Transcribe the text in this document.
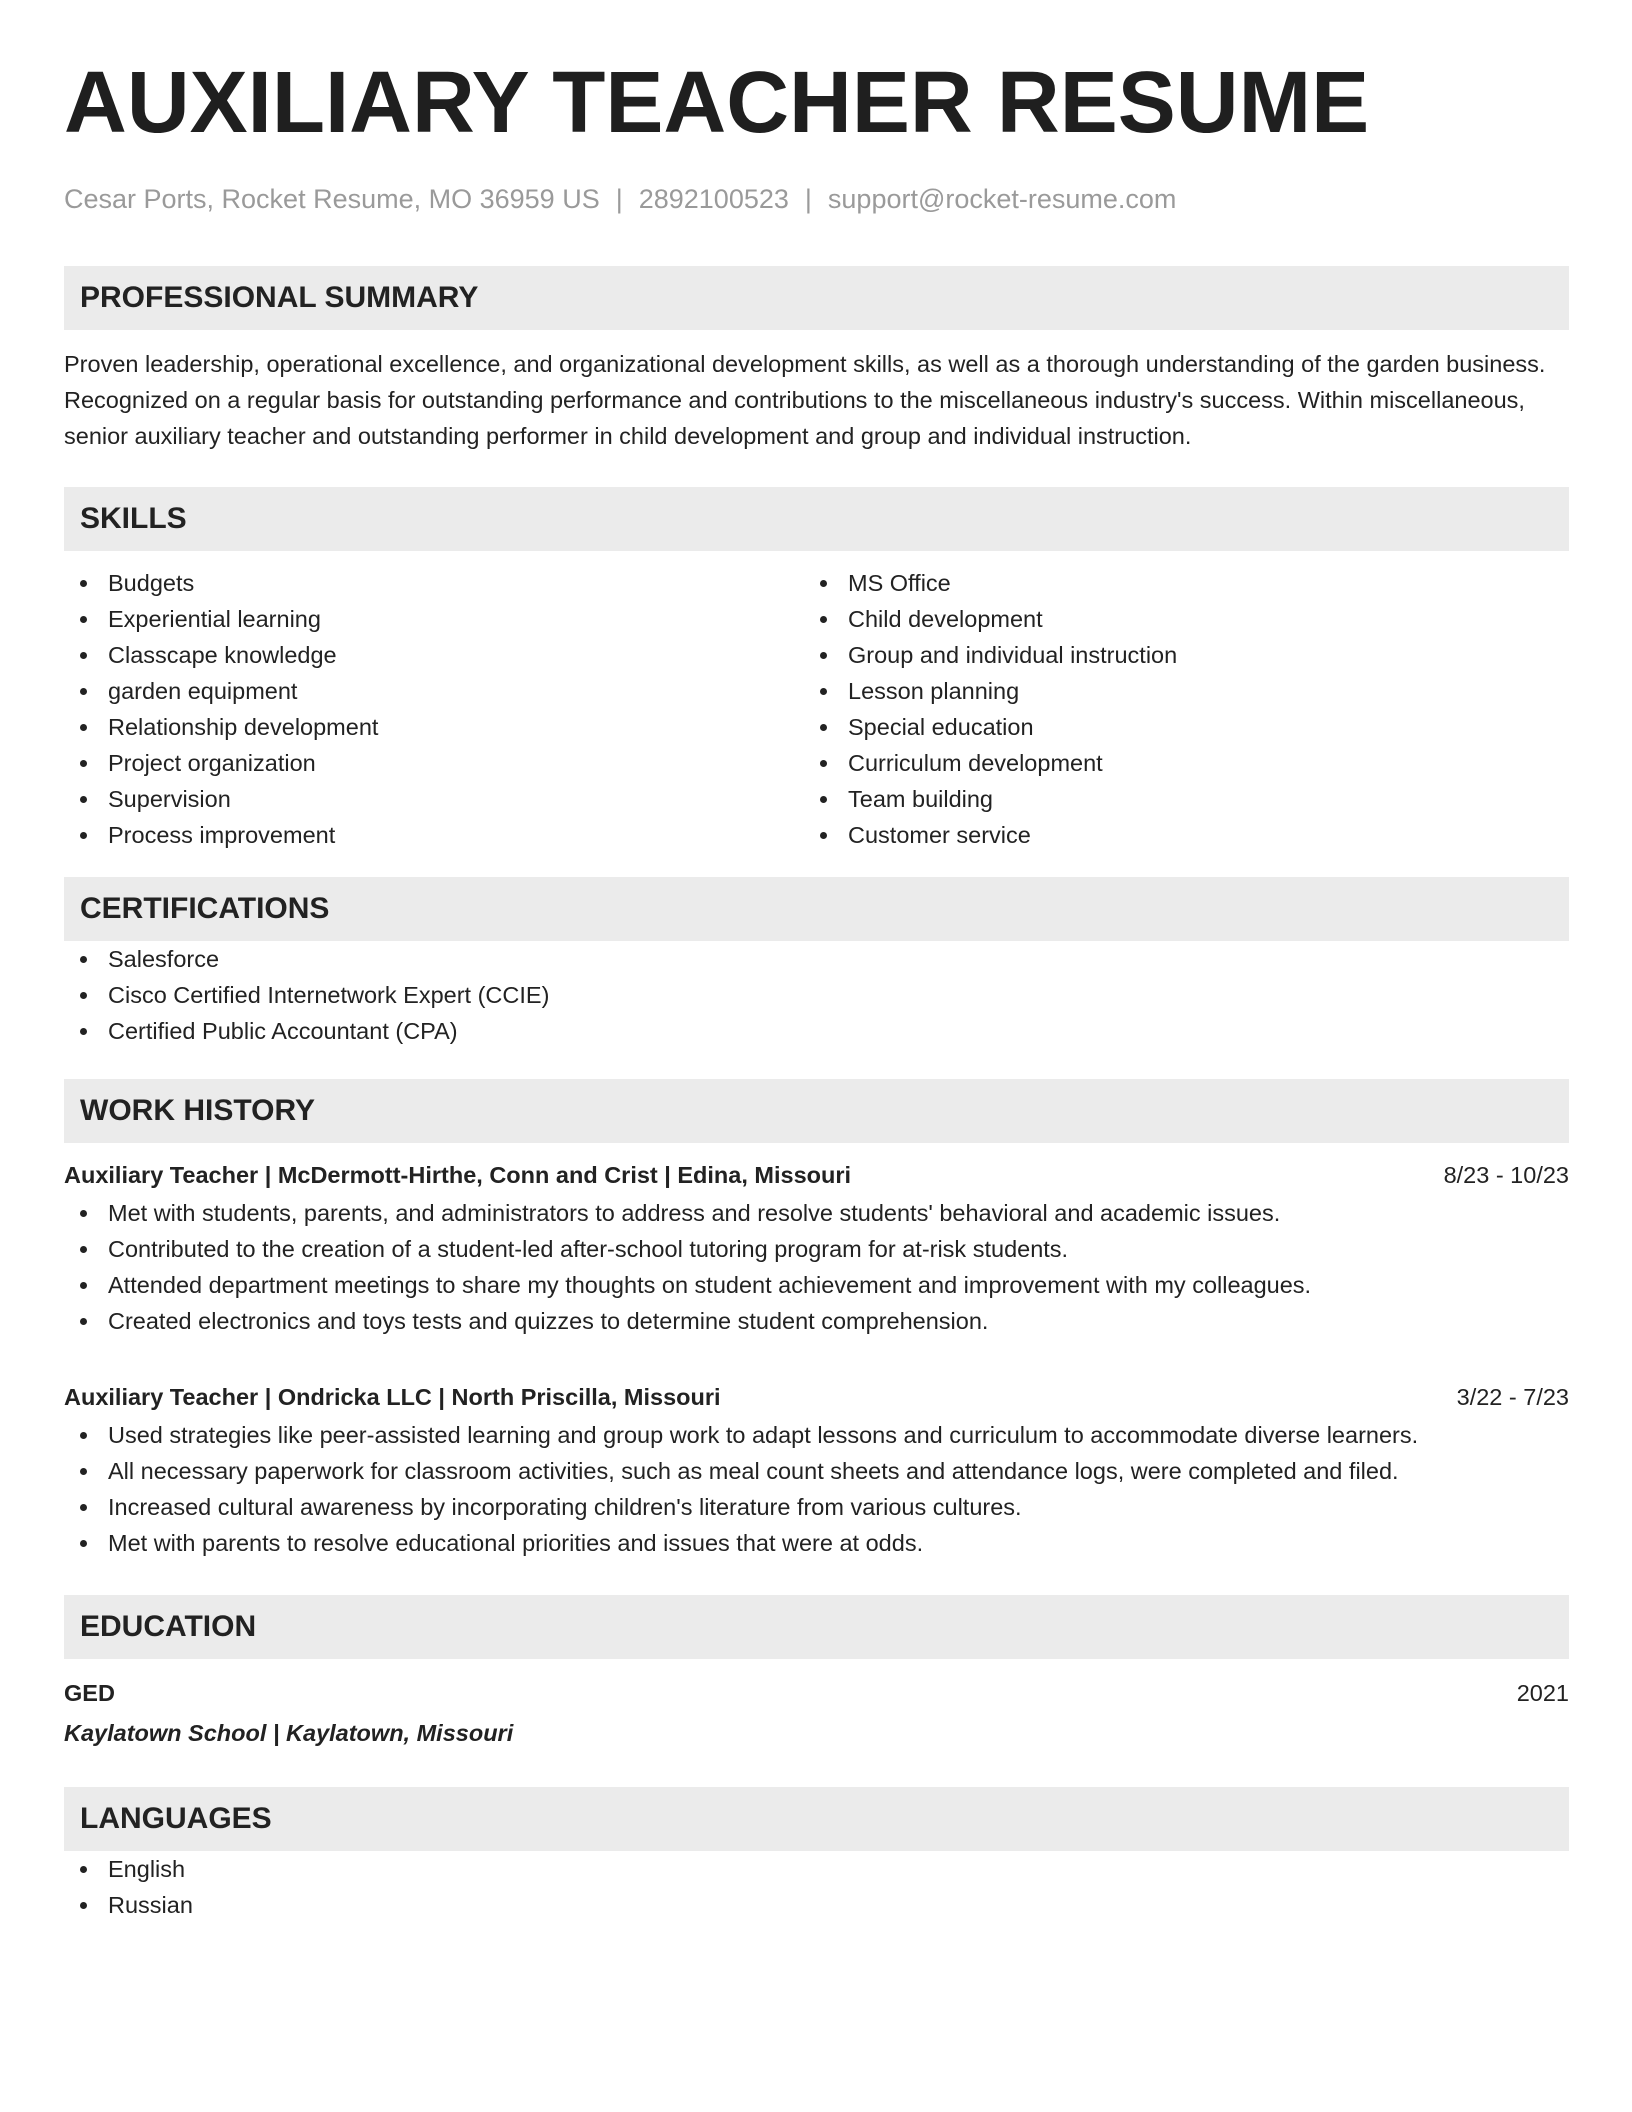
AUXILIARY TEACHER RESUME
Cesar Ports, Rocket Resume, MO 36959 US | 2892100523 | support@rocket-resume.com
PROFESSIONAL SUMMARY
Proven leadership, operational excellence, and organizational development skills, as well as a thorough understanding of the garden business. Recognized on a regular basis for outstanding performance and contributions to the miscellaneous industry's success. Within miscellaneous, senior auxiliary teacher and outstanding performer in child development and group and individual instruction.
SKILLS
Budgets
Experiential learning
Classcape knowledge
garden equipment
Relationship development
Project organization
Supervision
Process improvement
MS Office
Child development
Group and individual instruction
Lesson planning
Special education
Curriculum development
Team building
Customer service
CERTIFICATIONS
Salesforce
Cisco Certified Internetwork Expert (CCIE)
Certified Public Accountant (CPA)
WORK HISTORY
Auxiliary Teacher | McDermott-Hirthe, Conn and Crist | Edina, Missouri	8/23 - 10/23
Met with students, parents, and administrators to address and resolve students' behavioral and academic issues.
Contributed to the creation of a student-led after-school tutoring program for at-risk students.
Attended department meetings to share my thoughts on student achievement and improvement with my colleagues.
Created electronics and toys tests and quizzes to determine student comprehension.
Auxiliary Teacher | Ondricka LLC | North Priscilla, Missouri	3/22 - 7/23
Used strategies like peer-assisted learning and group work to adapt lessons and curriculum to accommodate diverse learners.
All necessary paperwork for classroom activities, such as meal count sheets and attendance logs, were completed and filed.
Increased cultural awareness by incorporating children's literature from various cultures.
Met with parents to resolve educational priorities and issues that were at odds.
EDUCATION
GED	2021
Kaylatown School | Kaylatown, Missouri
LANGUAGES
English
Russian
